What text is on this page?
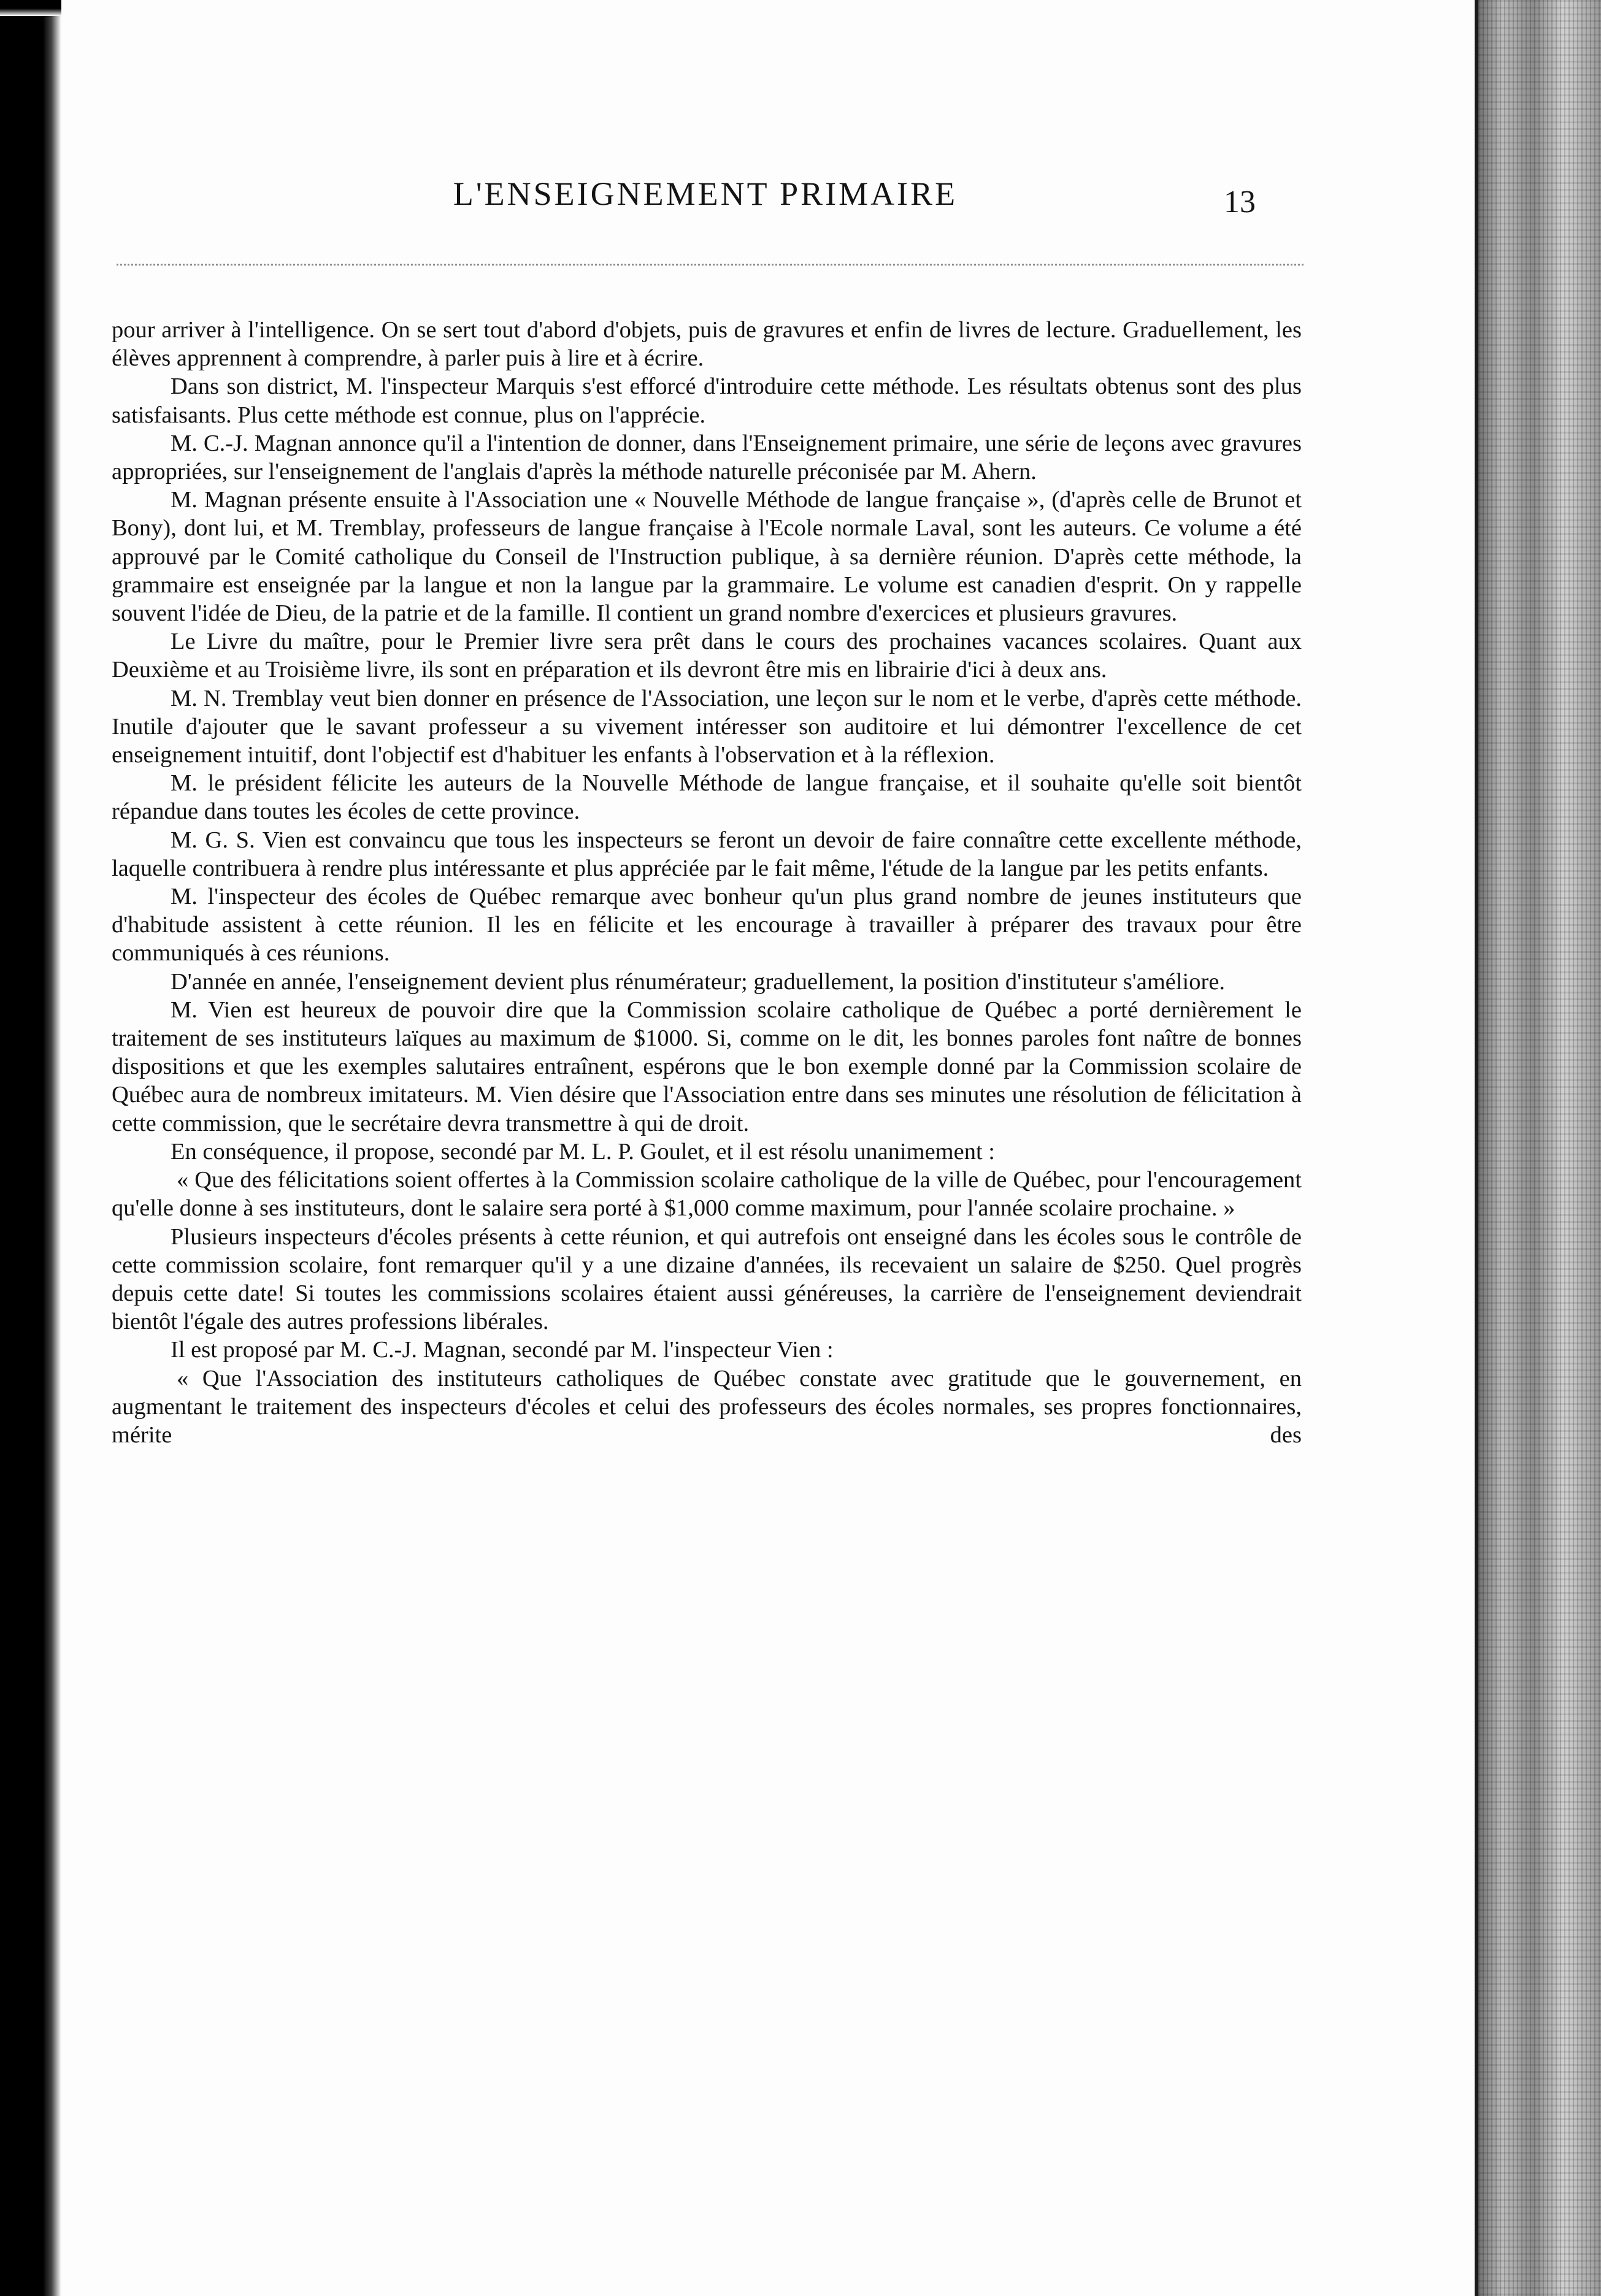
L'ENSEIGNEMENT PRIMAIRE	13

pour arriver à l'intelligence. On se sert tout d'abord d'objets, puis de gravures et enfin de livres de lecture. Graduellement, les élèves apprennent à comprendre, à parler puis à lire et à écrire.

Dans son district, M. l'inspecteur Marquis s'est efforcé d'introduire cette méthode. Les résultats obtenus sont des plus satisfaisants. Plus cette méthode est connue, plus on l'apprécie.

M. C.-J. Magnan annonce qu'il a l'intention de donner, dans l'Enseignement primaire, une série de leçons avec gravures appropriées, sur l'enseignement de l'anglais d'après la méthode naturelle préconisée par M. Ahern.

M. Magnan présente ensuite à l'Association une « Nouvelle Méthode de langue française », (d'après celle de Brunot et Bony), dont lui, et M. Tremblay, professeurs de langue française à l'Ecole normale Laval, sont les auteurs. Ce volume a été approuvé par le Comité catholique du Conseil de l'Instruction publique, à sa dernière réunion. D'après cette méthode, la grammaire est enseignée par la langue et non la langue par la grammaire. Le volume est canadien d'esprit. On y rappelle souvent l'idée de Dieu, de la patrie et de la famille. Il contient un grand nombre d'exercices et plusieurs gravures.

Le Livre du maître, pour le Premier livre sera prêt dans le cours des prochaines vacances scolaires. Quant aux Deuxième et au Troisième livre, ils sont en préparation et ils devront être mis en librairie d'ici à deux ans.

M. N. Tremblay veut bien donner en présence de l'Association, une leçon sur le nom et le verbe, d'après cette méthode. Inutile d'ajouter que le savant professeur a su vivement intéresser son auditoire et lui démontrer l'excellence de cet enseignement intuitif, dont l'objectif est d'habituer les enfants à l'observation et à la réflexion.

M. le président félicite les auteurs de la Nouvelle Méthode de langue française, et il souhaite qu'elle soit bientôt répandue dans toutes les écoles de cette province.

M. G. S. Vien est convaincu que tous les inspecteurs se feront un devoir de faire connaître cette excellente méthode, laquelle contribuera à rendre plus intéressante et plus appréciée par le fait même, l'étude de la langue par les petits enfants.

M. l'inspecteur des écoles de Québec remarque avec bonheur qu'un plus grand nombre de jeunes instituteurs que d'habitude assistent à cette réunion. Il les en félicite et les encourage à travailler à préparer des travaux pour être communiqués à ces réunions.

D'année en année, l'enseignement devient plus rénumérateur; graduellement, la position d'instituteur s'améliore.

M. Vien est heureux de pouvoir dire que la Commission scolaire catholique de Québec a porté dernièrement le traitement de ses instituteurs laïques au maximum de $1000. Si, comme on le dit, les bonnes paroles font naître de bonnes dispositions et que les exemples salutaires entraînent, espérons que le bon exemple donné par la Commission scolaire de Québec aura de nombreux imitateurs. M. Vien désire que l'Association entre dans ses minutes une résolution de félicitation à cette commission, que le secrétaire devra transmettre à qui de droit.

En conséquence, il propose, secondé par M. L. P. Goulet, et il est résolu unanimement :

« Que des félicitations soient offertes à la Commission scolaire catholique de la ville de Québec, pour l'encouragement qu'elle donne à ses instituteurs, dont le salaire sera porté à $1,000 comme maximum, pour l'année scolaire prochaine. »

Plusieurs inspecteurs d'écoles présents à cette réunion, et qui autrefois ont enseigné dans les écoles sous le contrôle de cette commission scolaire, font remarquer qu'il y a une dizaine d'années, ils recevaient un salaire de $250. Quel progrès depuis cette date! Si toutes les commissions scolaires étaient aussi généreuses, la carrière de l'enseignement deviendrait bientôt l'égale des autres professions libérales.

Il est proposé par M. C.-J. Magnan, secondé par M. l'inspecteur Vien :

« Que l'Association des instituteurs catholiques de Québec constate avec gratitude que le gouvernement, en augmentant le traitement des inspecteurs d'écoles et celui des professeurs des écoles normales, ses propres fonctionnaires, mérite des
